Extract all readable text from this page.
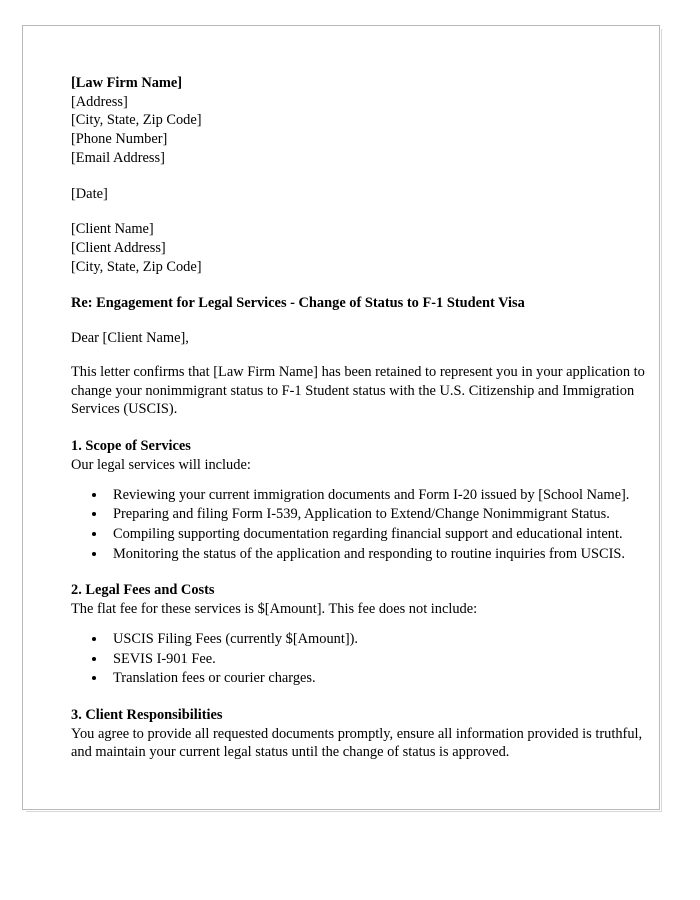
[Law Firm Name]
[Address]
[City, State, Zip Code]
[Phone Number]
[Email Address]
[Date]
[Client Name]
[Client Address]
[City, State, Zip Code]

Re: Engagement for Legal Services - Change of Status to F-1 Student Visa

Dear [Client Name],

This letter confirms that [Law Firm Name] has been retained to represent you in your application to change your nonimmigrant status to F-1 Student status with the U.S. Citizenship and Immigration Services (USCIS).

1. Scope of Services
Our legal services will include:
• Reviewing your current immigration documents and Form I-20 issued by [School Name].
• Preparing and filing Form I-539, Application to Extend/Change Nonimmigrant Status.
• Compiling supporting documentation regarding financial support and educational intent.
• Monitoring the status of the application and responding to routine inquiries from USCIS.
2. Legal Fees and Costs
The flat fee for these services is $[Amount]. This fee does not include:
• USCIS Filing Fees (currently $[Amount]).
• SEVIS I-901 Fee.
• Translation fees or courier charges.
3. Client Responsibilities
You agree to provide all requested documents promptly, ensure all information provided is truthful, and maintain your current legal status until the change of status is approved.
